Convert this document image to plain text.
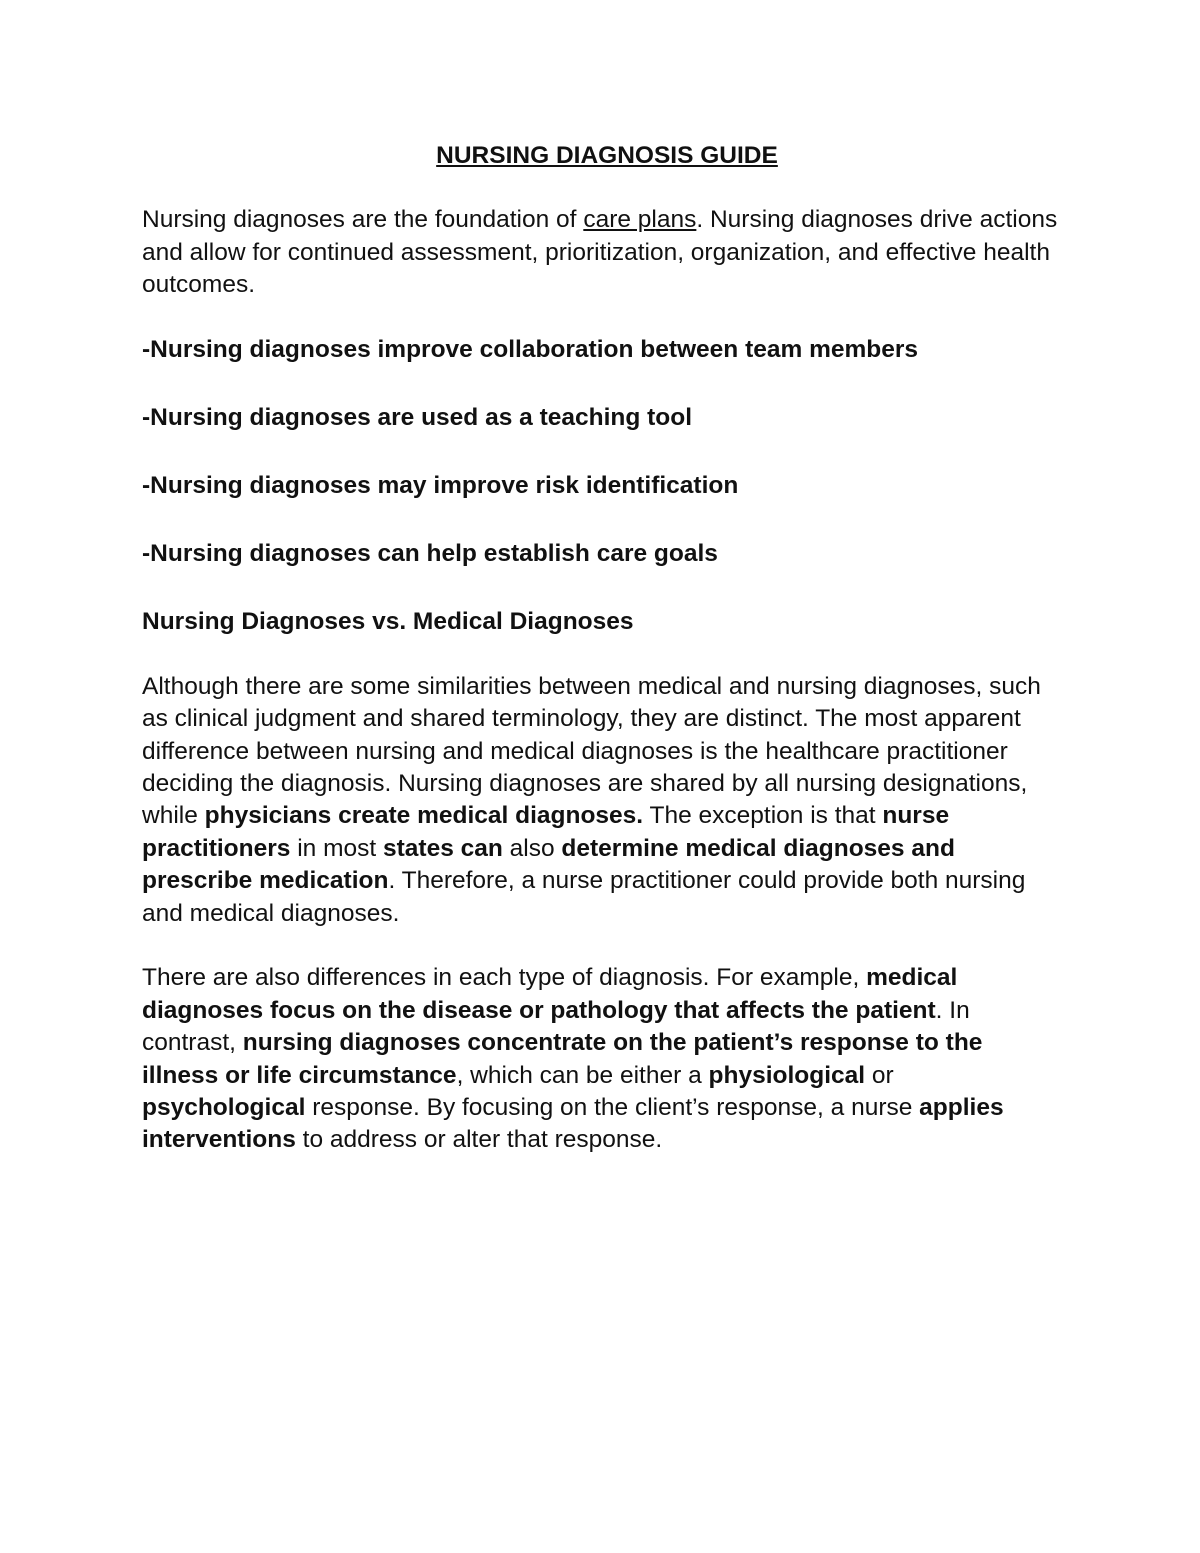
NURSING DIAGNOSIS GUIDE

Nursing diagnoses are the foundation of care plans. Nursing diagnoses drive actions and allow for continued assessment, prioritization, organization, and effective health outcomes.

-Nursing diagnoses improve collaboration between team members
-Nursing diagnoses are used as a teaching tool
-Nursing diagnoses may improve risk identification
-Nursing diagnoses can help establish care goals
Nursing Diagnoses vs. Medical Diagnoses

Although there are some similarities between medical and nursing diagnoses, such as clinical judgment and shared terminology, they are distinct. The most apparent difference between nursing and medical diagnoses is the healthcare practitioner deciding the diagnosis. Nursing diagnoses are shared by all nursing designations, while physicians create medical diagnoses. The exception is that nurse practitioners in most states can also determine medical diagnoses and prescribe medication. Therefore, a nurse practitioner could provide both nursing and medical diagnoses.

There are also differences in each type of diagnosis. For example, medical diagnoses focus on the disease or pathology that affects the patient. In contrast, nursing diagnoses concentrate on the patient’s response to the illness or life circumstance, which can be either a physiological or psychological response. By focusing on the client’s response, a nurse applies interventions to address or alter that response.
